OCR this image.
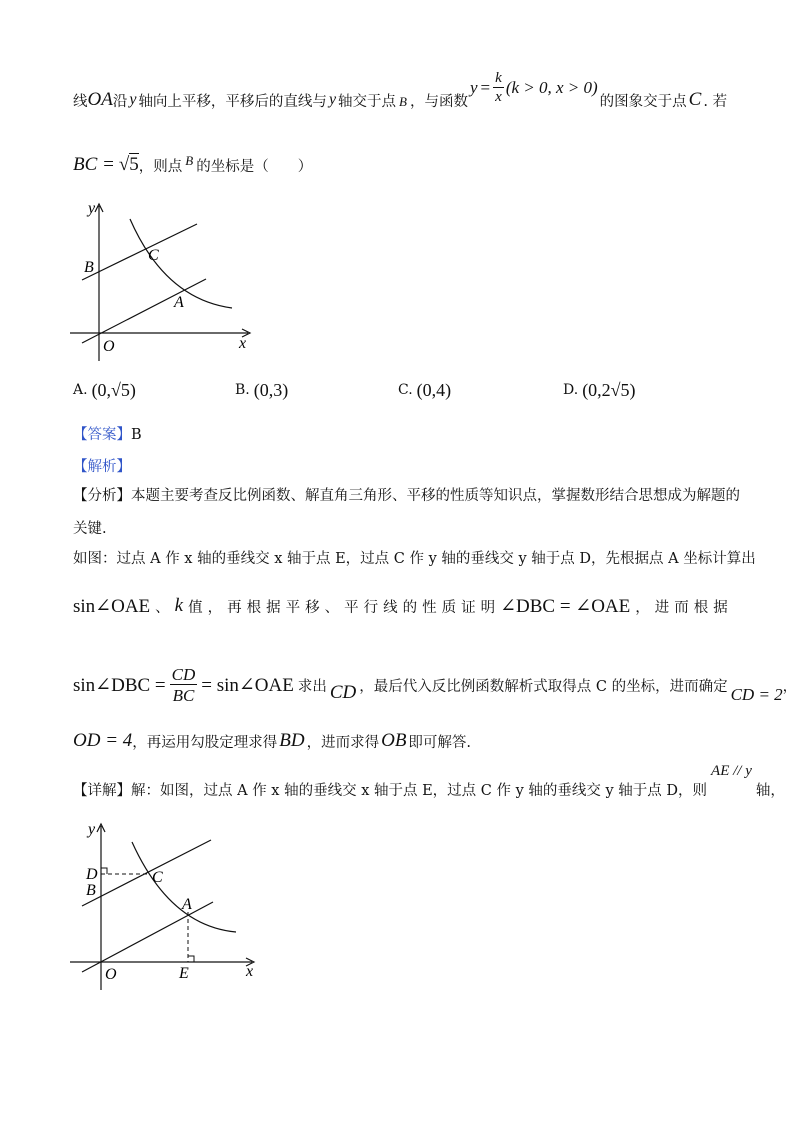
线 OA 沿 y 轴向上平移，平移后的直线与 y 轴交于点 B ，与函数
$y = \frac{k}{x} (k > 0$, x > 0)
的图象交于点 C . 若
BC = √5 ，则点 B 的坐标是（　　）
y
x
O
B
C
A
A. (0,√5)	B. (0,3)	C. (0,4)	D. (0,2√5)
【答案】B
【解析】
【分析】本题主要考查反比例函数、解直角三角形、平移的性质等知识点，掌握数形结合思想成为解题的
关键.
如图：过点 A 作 x 轴的垂线交 x 轴于点 E，过点 C 作 y 轴的垂线交 y 轴于点 D，先根据点 A 坐标计算出
sin∠OAE 、 k 值 ， 再 根 据 平 移 、 平 行 线 的 性 质 证 明 ∠DBC = ∠OAE ， 进 而 根 据
sin∠DBC = $\frac{CD}{BC}$ = sin∠OAE 求出 CD ，最后代入反比例函数解析式取得点 C 的坐标，进而确定 CD = 2 ，
OD = 4 ，再运用勾股定理求得 BD ，进而求得 OB 即可解答.
【详解】 解：如图，过点 A 作 x 轴的垂线交 x 轴于点 E，过点 C 作 y 轴的垂线交 y 轴于点 D，则
AE // y
轴，
y
x
O
D
B
C
A
E
